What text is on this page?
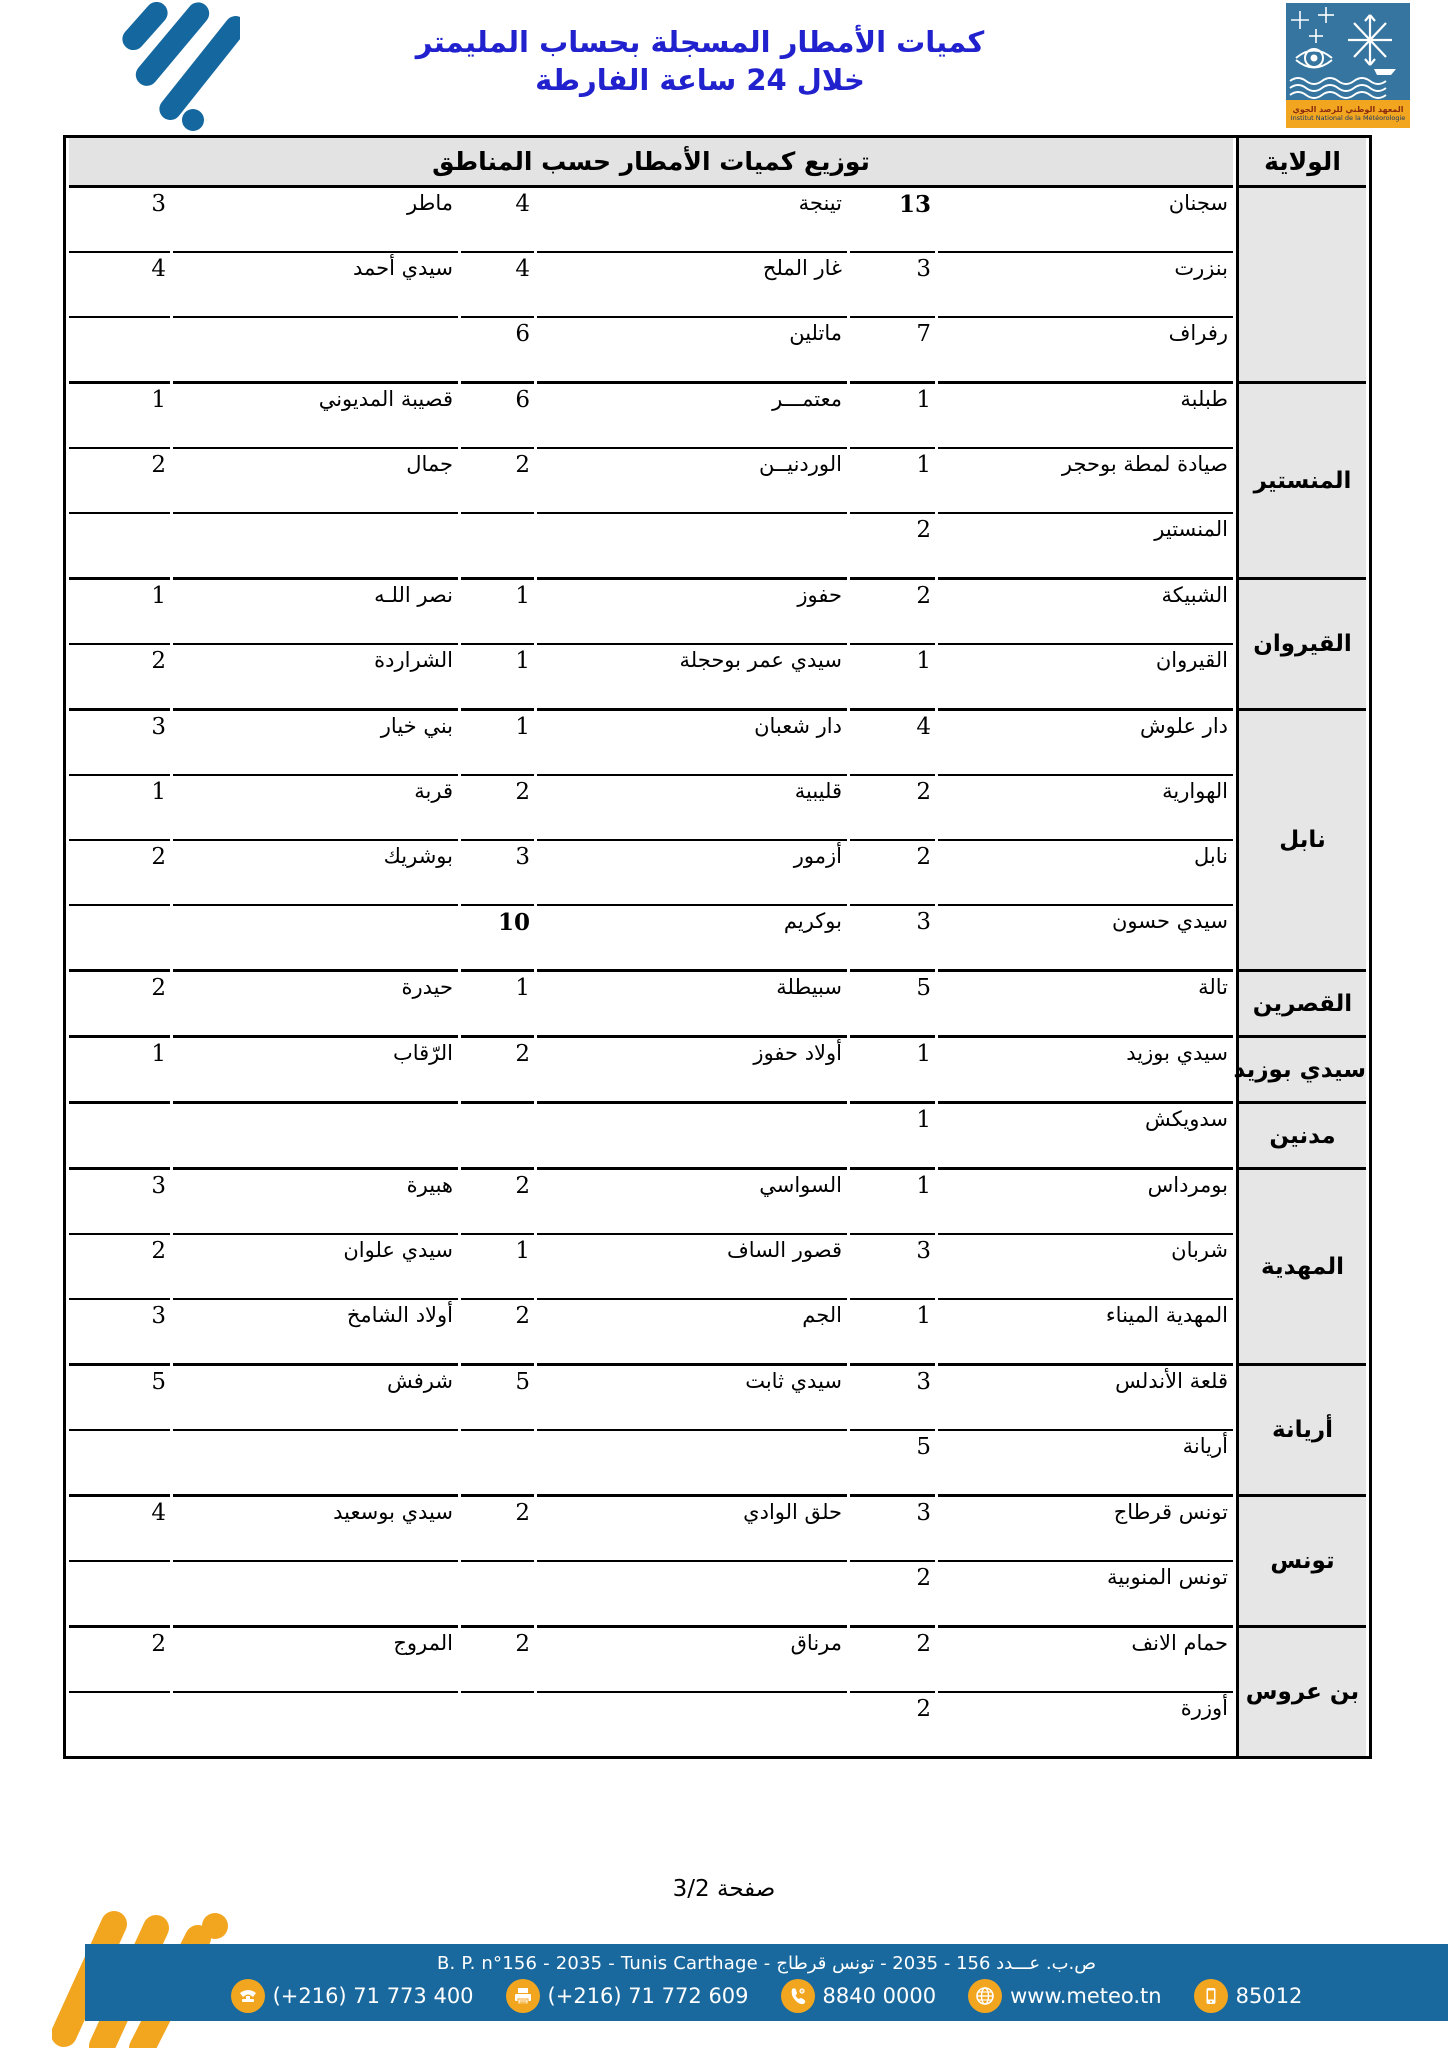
كميات الأمطار المسجلة بحساب المليمتر
خلال 24 ساعة الفارطة
المعهد الوطني للرصد الجوي
Institut National de la Météorologie
الولاية	توزيع كميات الأمطار حسب المناطق					
	سجنان	13	تينجة	4	ماطر	3
	بنزرت	3	غار الملح	4	سيدي أحمد	4
	رفراف	7	ماتلين	6		
المنستير	طبلبة	1	معتمـــر	6	قصيبة المديوني	1
	صيادة لمطة بوحجر	1	الوردنيــن	2	جمال	2
	المنستير	2				
القيروان	الشبيكة	2	حفوز	1	نصر اللـه	1
	القيروان	1	سيدي عمر بوحجلة	1	الشراردة	2
نابل	دار علوش	4	دار شعبان	1	بني خيار	3
	الهوارية	2	قليبية	2	قربة	1
	نابل	2	أزمور	3	بوشريك	2
	سيدي حسون	3	بوكريم	10		
القصرين	تالة	5	سبيطلة	1	حيدرة	2
سيدي بوزيد	سيدي بوزيد	1	أولاد حفوز	2	الرّقاب	1
مدنين	سدويكش	1				
المهدية	بومرداس	1	السواسي	2	هبيرة	3
	شربان	3	قصور الساف	1	سيدي علوان	2
	المهدية الميناء	1	الجم	2	أولاد الشامخ	3
أريانة	قلعة الأندلس	3	سيدي ثابت	5	شرفش	5
	أريانة	5				
تونس	تونس قرطاج	3	حلق الوادي	2	سيدي بوسعيد	4
	تونس المنوبية	2				
بن عروس	حمام الانف	2	مرناق	2	المروج	2
	أوزرة	2				
صفحة 3/2
B. P. n°156 - 2035 - Tunis Carthage - ص.ب. عـــدد 156 - 2035 - تونس قرطاج
(+216) 71 773 400	(+216) 71 772 609	8840 0000	www.meteo.tn	85012
